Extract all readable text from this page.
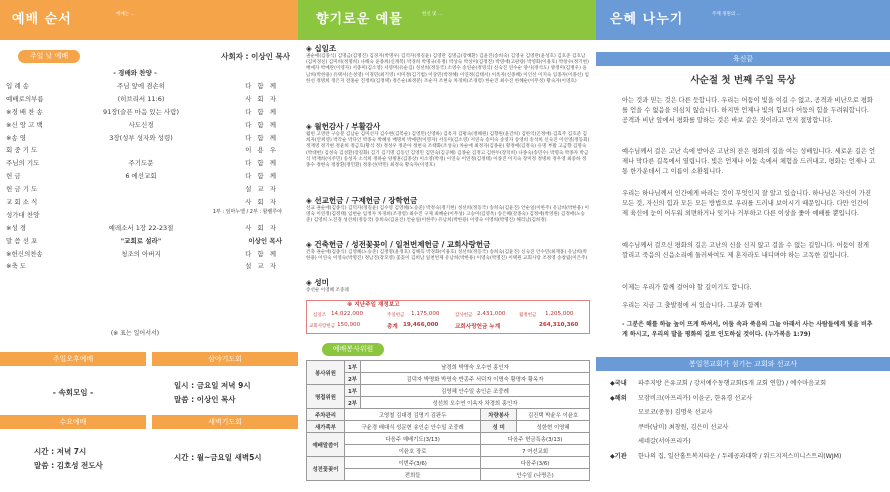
예배 순서	예배는 ...
주일 낮 예배	사회자 : 이상인 목사
- 경배와 찬양 -
입 례 송	주님 앞에 겸손히	다함께
예배로의부름	(히브리서 11:6)	사회자
※경 배 찬 송	91장(슬픈 마음 있는 사람)	다함께
※신 앙 고 백	사도신경	다함께
※송 영	3장(성부 성자와 성령)	다함께
회 중 기 도	이용우
주님의 기도	주기도문	다함께
헌 금	6 에선교회	다함께
헌 금 기 도	설교자
교 회 소 식	사회자
성가대 찬양	1부 : 임마누엘 / 2부 : 할렐루야
※성 경	예레소서 1장 22-23절	사회자
말 씀 선 포	"교회로 설라"	이상인 목사
※헌신의찬송	청조의 아버지	다함께
※축 도	설교자
(※ 표는 일어서서)
주일오후예배	삼야기도회
- 속회모임 -
일시 : 금요일 저녁 9시
말씀 : 이상인 목사
수요예배	새벽기도회
시간 : 저녁 7시
말씀 : 김호성 전도사
시간 : 월~금요일 새벽5시
향기로운 예물	헌신 및 ...
◈ 십일조
권순애(김종식) 김명금(김명진) 김경자(박명우) 김억자(정길윤) 김영란 김명금(장해환) 김윤진(송희숙) 김영규 김영란(윤성호) 김호준 김호남(김미경신) 김미희(정명희) 나해숙 윤종희(신재복) 박경희 박명규(유정) 박상숙 박상미(김정진) 박영애(고판량) 박영화(이용호) 박창수(정기현) 배애자 박예란(이영자) 서종미(김소영) 서영미(유순김) 성선희(정동국) 소영수 송연순(정영식) 신숙진 연수순 양사(정석도) 양정미(김병우) 윤남희(박한용) 유택서(손성영) 이경민(최기영) 이미정(김기범) 이상민(박정혜) 이연정(김태서) 이옥자(신종혜) 이인선 이지숙 임종자(이종선) 임한선 정명희 정은지 전홍순 진정희(김정택) 정은순(최정분) 조순자 조현숙 차경희(조경령) 한순진 최수진 한혜순(이무성) 황숙자(이영호)
◈ 월헌감사 / 부활감사
월헌 고영란 구승분 김남순 김미선자 김수현(김복순) 김영민(신영하) 김옥자 김평숙(정해원) 김향원(윤간희) 김한익(곤정애) 김효주 김호준 김희자(안희영) 박각순 박다인 박종숙 박혜성 배명희 박예란(이영자) 서동미(김소영) 서연숙 송미숙 송영자 송영희 송석희 신숙진 이선영(정동회) 정재영 정기현 정윤희 정금호(황석 정) 정성우 정준아 정현숙 조태화(조성숙) 차순애 최정자(김종운) 황정애(김정숙) 유명 부활 고금향 김명숙(박대현) 김성숙 김성환(장길화) 김기 김기명 김동인 김영민 김민숙(김공혜) 김종순 김정고 김한두(장덕희) 나종숙(송민수) 박명숙 박종자 박금식 박재희(이주민) 송성자 소석희 정하순 양병훈(김종상) 이소영(박정) 이연숙 이연정(김정태) 이종진 이지숙 장미정 정병희 정우영 최중하 정종수 정현숙 정창환(정민환) 정홍선(박민) 최정숙 황숙자(이영호)
◈ 선교헌금 / 구제헌금 / 장학헌금
선교 권순애(김종식) 김덕자(정길윤) 김수영 김영혜(노승준) 박정숙(정기현) 성선희(정동국) 송희숙(김윤진) 안순일(이한주) 유남희(박한용) 이영숙 이연정(김정태) 임현순 임정자 차경희(조경령) 최수진 구제 최혜순(이무성) 고승미(김영옥) 송은혜(강종숙) 김정애(박영원) 김정애(노승준) 김영희 노진경 성선희(정동국) 송희숙(김윤진) 안순일(이한주) 유남희(박한용) 이영숙 이영희(박명진) 해리남(김희정)
◈ 건축헌금 / 성전꽃꽂이 / 일천번제헌금 / 교회사랑헌금
건축 권순애(김종식) 김영혜(노승준) 김정명(윤정호) 김해득 박경화(이용호) 성선희(정동국) 송희숙(김윤진) 신숙진 안수민(최재홍) 유남희(박한용) 이연숙 이영숙(박명진) 정남진(장모영) 꽃꽂이 김희남 일천번제 유남희(박한용) 이영숙(박명진) 이택원 교회사랑 조정영 송창립(이은주)
◈ 성미
송선순 이영혜 조중례
※ 지난주일 재정보고
십일조 14,022,000	주일헌금 1,175,000	감사헌금 2,431,000	월정헌금 1,205,000
교회사랑헌금 150,000	총계 19,466,000	교회사랑헌금 누계	264,310,360
예배봉사위원
봉사위원	1부	남경희 박명숙 오수연 홍인자		
	2부	김덕자 박명화 박영숙 반종주 서덕자 이명숙 황명자 황옥자		
명접위원	1부	김영혜 안수일 송인순 조중례		
	2부	성선희 오수연 이옥자 차경희 홍인자		
주차관리	고영철 김대경 김명기 김판두		차량봉사	김진택 박윤우 이윤호
새가족부	구윤경 배대식 성문현 송인순 안수일 조중례		성 미	성한현 이영혜
예배말씀이	다음주 예배기도(3/13)		다음주 헌금특송(3/13)	
	이윤호 장로		7 여선교회	
성전꽃꽂이	이번주(3/6)		다음주(3/6)	
	전희들		안수일 (나명은)	
은혜 나누기	주께 정원의 ...
육신끝
사순절 첫 번째 주일 묵상
아는 것과 믿는 것은 다른 듯합니다. 우리는 어둠이 빛을 이길 수 없고, 공격과 비난으로 평화를 얻을 수 없음을 의심치 않습니다. 하지만 언제나 빛의 힘보다 어둠의 힘을 두려워합니다. 공격과 비난 앞에서 평화를 말하는 것은 바보 같은 짓이라고 먼저 절망합니다.
예수님께서 걸은 고난 속에 받아온 고난의 잔은 평화의 길을 여는 성배입니다. 세로운 길은 언제나 막다른 길목에서 열립니다. 빛은 언제나 어둠 속에서 체험을 드러내고, 평화는 언제나 고통 한가운데서 그 이름이 소환됩니다.
우리는 하나님께서 인간에게 바라는 것이 무엇인지 잘 알고 있습니다. 하나님은 자신이 가진 모든 것, 자신의 힘과 모든 모든 방법으로 우리를 드러내 보이시기 때문입니다. 다만 인간이 제 육신에 눈이 어두워 외면하거나 잊거나 거부하고 다른 이상을 좇아 예배를 뿐입니다.
예수님께서 걸으신 평화의 길은 고난의 신을 신지 않고 걸을 수 없는 길입니다. 어둠이 잠게 깔리고 죽음의 신음소리에 둘러싸여도 제 혼자라도 내디며야 하는 고독한 길입니다.
이제는 우리가 함께 걸어야 할 길이기도 합니다.
우리는 지금 그 출발점에 서 있습니다. 그분과 함께!
- 그분은 해를 하늘 높이 뜨게 하셔서, 어둠 속과 죽음의 그늘 아래서 사는 사람들에게 빛을 비추게 하시고, 우리의 발을 평화의 길로 인도하실 것이다. (누가복음 1:79)
봉일천교회가 섬기는 교회와 선교사
◆국내 파주지방 은유교회 / 강서예수동행교회(5개 교회 연합) / 예수마음교회
◆해외 모잠비크(아프리카) 이윤군, 한유경 선교사
모로코(중동) 김명욱 선교사
쿠바(남미) 최창원, 김은미 선교사
세네갈(서아프리카)
◆기관 한나의 집, 일산홀트복지타운 / 두레공과대학 / 워드지저스미니스트리(WJM)
